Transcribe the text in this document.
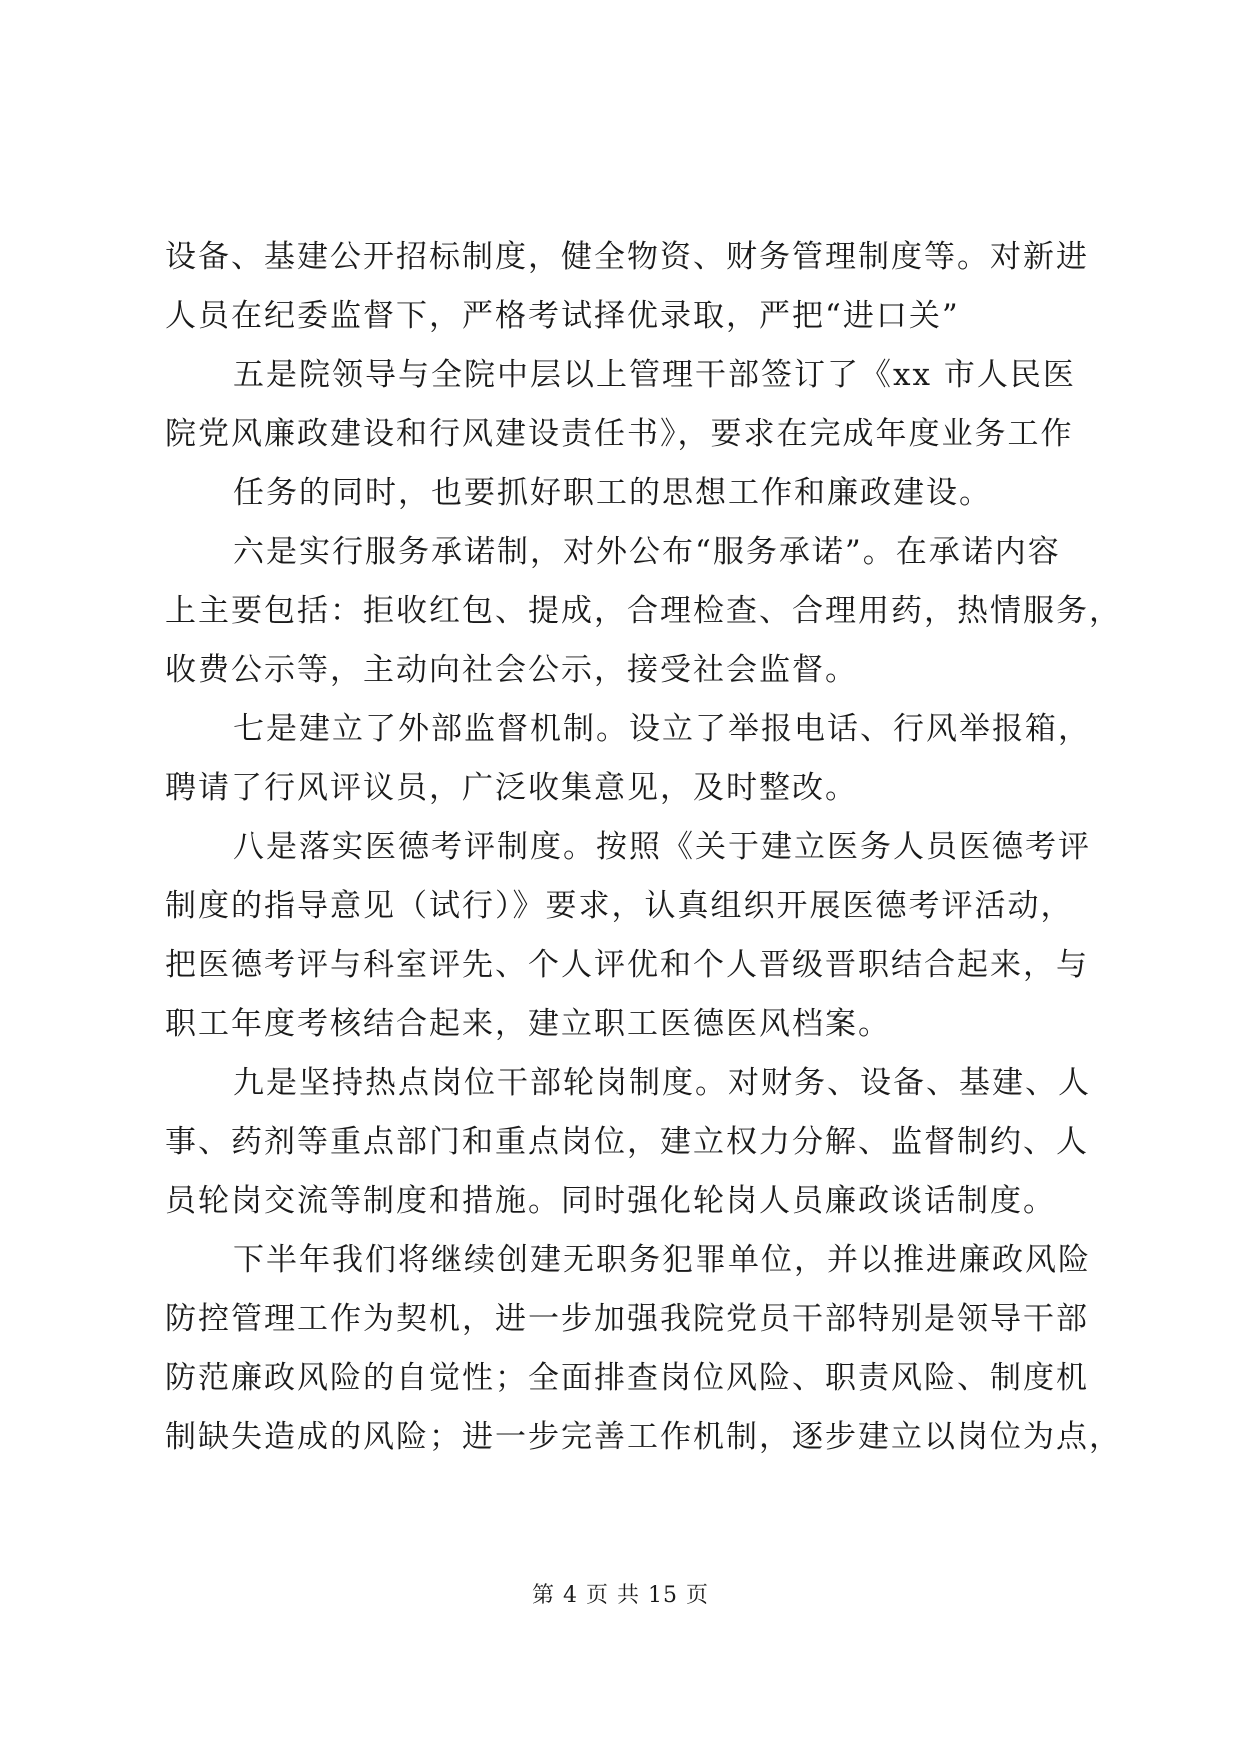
设备、基建公开招标制度，健全物资、财务管理制度等。对新进
人员在纪委监督下，严格考试择优录取，严把“进口关”
五是院领导与全院中层以上管理干部签订了《xx 市人民医
院党风廉政建设和行风建设责任书》，要求在完成年度业务工作
任务的同时，也要抓好职工的思想工作和廉政建设。
六是实行服务承诺制，对外公布“服务承诺”。在承诺内容
上主要包括：拒收红包、提成，合理检查、合理用药，热情服务，
收费公示等，主动向社会公示，接受社会监督。
七是建立了外部监督机制。设立了举报电话、行风举报箱，
聘请了行风评议员，广泛收集意见，及时整改。
八是落实医德考评制度。按照《关于建立医务人员医德考评
制度的指导意见（试行）》要求，认真组织开展医德考评活动，
把医德考评与科室评先、个人评优和个人晋级晋职结合起来，与
职工年度考核结合起来，建立职工医德医风档案。
九是坚持热点岗位干部轮岗制度。对财务、设备、基建、人
事、药剂等重点部门和重点岗位，建立权力分解、监督制约、人
员轮岗交流等制度和措施。同时强化轮岗人员廉政谈话制度。
下半年我们将继续创建无职务犯罪单位，并以推进廉政风险
防控管理工作为契机，进一步加强我院党员干部特别是领导干部
防范廉政风险的自觉性；全面排查岗位风险、职责风险、制度机
制缺失造成的风险；进一步完善工作机制，逐步建立以岗位为点，
第 4 页 共 15 页
